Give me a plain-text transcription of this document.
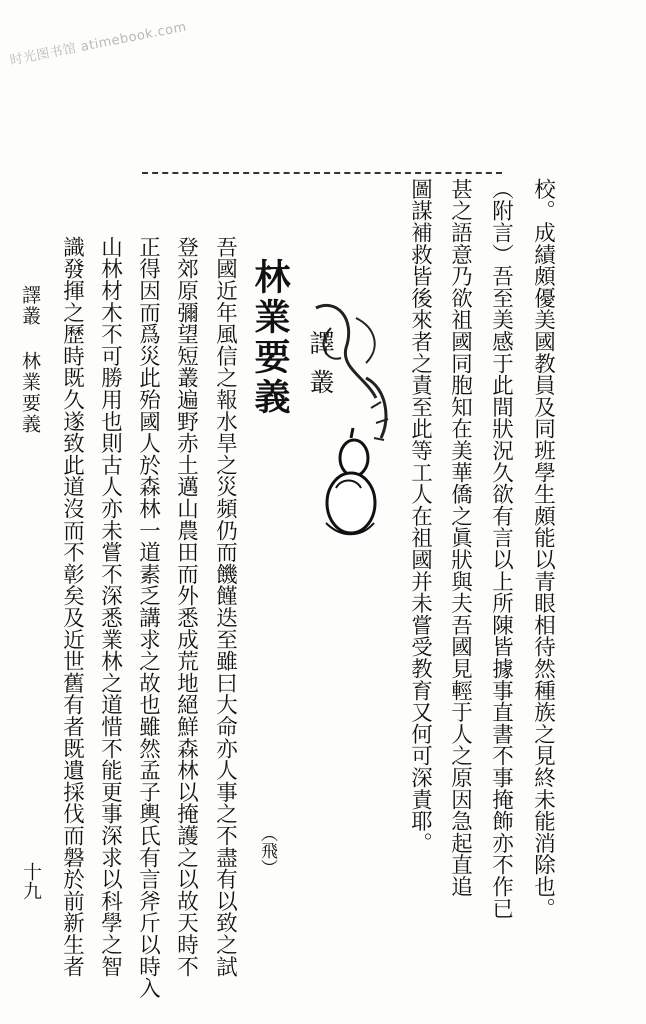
时光图书馆 atimebook.com
校。成績頗優美國教員及同班學生頗能以青眼相待然種族之見終未能消除也。
（附言）吾至美感于此間狀況久欲有言以上所陳皆據事直書不事掩飾亦不作已
甚之語意乃欲祖國同胞知在美華僑之眞狀與夫吾國見輕于人之原因急起直追
圖謀補救皆後來者之責至此等工人在祖國并未嘗受教育又何可深責耶。
譯叢
林業要義
（飛）
吾國近年風信之報水旱之災頻仍而饑饉迭至雖曰大命亦人事之不盡有以致之試
登郊原彌望短叢遍野赤土邁山農田而外悉成荒地絕鮮森林以掩護之以故天時不
正得因而爲災此殆國人於森林一道素乏講求之故也雖然孟子輿氏有言斧斤以時入
山林材木不可勝用也則古人亦未嘗不深悉業林之道惜不能更事深求以科學之智
識發揮之歷時既久遂致此道沒而不彰矣及近世舊有者既遺採伐而磐於前新生者
十九
譯叢 林業要義
